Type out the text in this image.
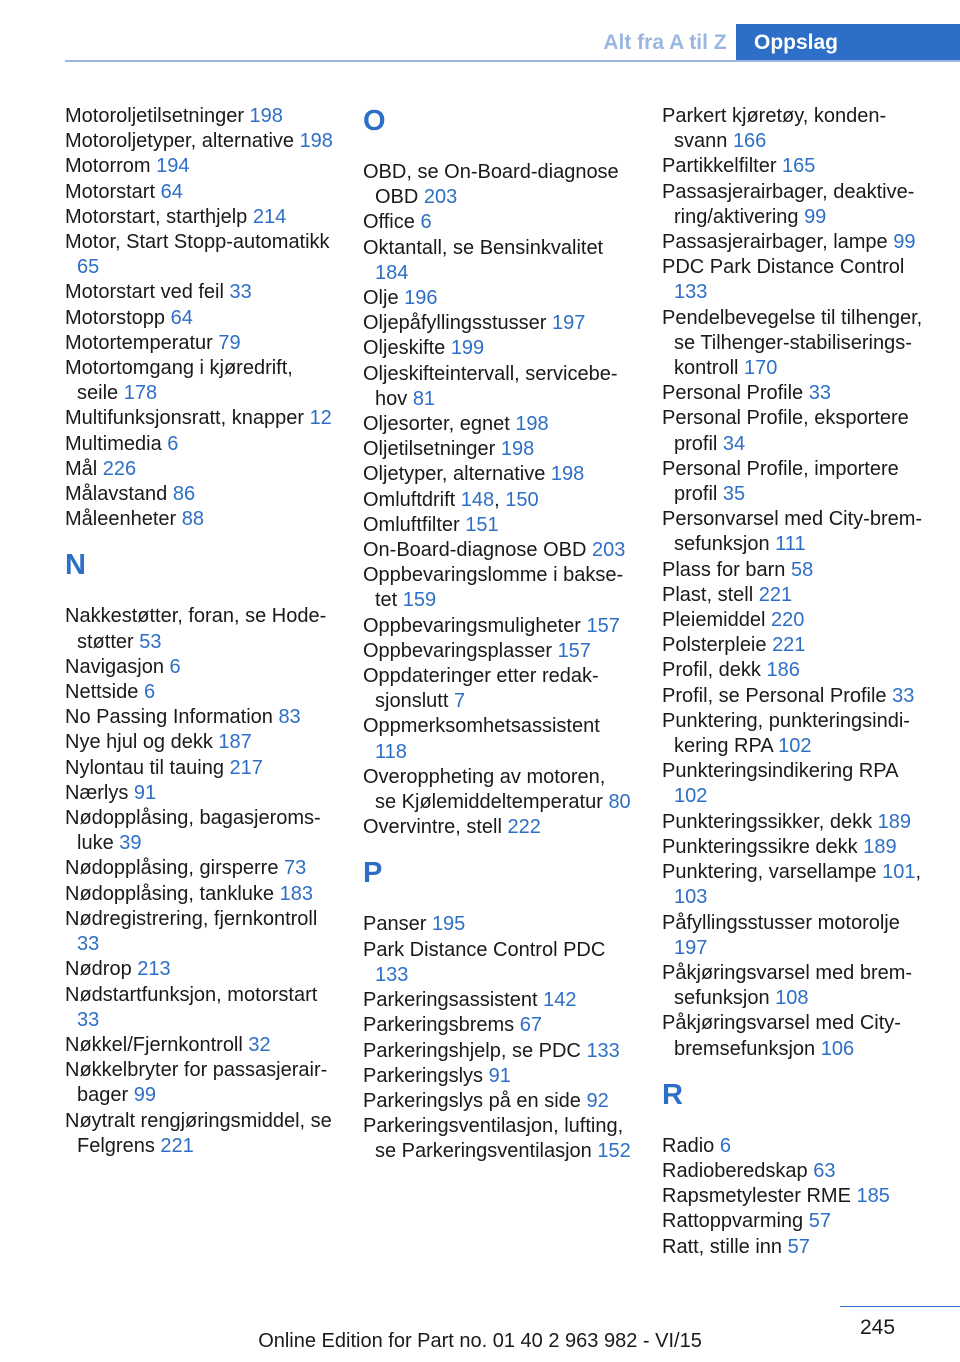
Alt fra A til Z	Oppslag
Motoroljetilsetninger 198
Motoroljetyper, alternative 198
Motorrom 194
Motorstart 64
Motorstart, starthjelp 214
Motor, Start Stopp-automatikk 65
Motorstart ved feil 33
Motorstopp 64
Motortemperatur 79
Motortomgang i kjøredrift, seile 178
Multifunksjonsratt, knapper 12
Multimedia 6
Mål 226
Målavstand 86
Måleenheter 88
N
Nakkestøtter, foran, se Hodestøtter 53
Navigasjon 6
Nettside 6
No Passing Information 83
Nye hjul og dekk 187
Nylontau til tauing 217
Nærlys 91
Nødopplåsing, bagasjeromsluke 39
Nødopplåsing, girsperre 73
Nødopplåsing, tankluke 183
Nødregistrering, fjernkontroll 33
Nødrop 213
Nødstartfunksjon, motorstart 33
Nøkkel/Fjernkontroll 32
Nøkkelbryter for passasjerairbager 99
Nøytralt rengjøringsmiddel, se Felgrens 221
O
OBD, se On-Board-diagnose OBD 203
Office 6
Oktantall, se Bensinkvalitet 184
Olje 196
Oljepåfyllingsstusser 197
Oljeskifte 199
Oljeskifteintervall, servicebehov 81
Oljesorter, egnet 198
Oljetilsetninger 198
Oljetyper, alternative 198
Omluftdrift 148, 150
Omluftfilter 151
On-Board-diagnose OBD 203
Oppbevaringslomme i baksetet 159
Oppbevaringsmuligheter 157
Oppbevaringsplasser 157
Oppdateringer etter redaksjonslutt 7
Oppmerksomhetsassistent 118
Overoppheting av motoren, se Kjølemiddeltemperatur 80
Overvintre, stell 222
P
Panser 195
Park Distance Control PDC 133
Parkeringsassistent 142
Parkeringsbrems 67
Parkeringshjelp, se PDC 133
Parkeringslys 91
Parkeringslys på en side 92
Parkeringsventilasjon, lufting, se Parkeringsventilasjon 152
Parkert kjøretøy, kondensvann 166
Partikkelfilter 165
Passasjerairbager, deaktivering/aktivering 99
Passasjerairbager, lampe 99
PDC Park Distance Control 133
Pendelbevegelse til tilhenger, se Tilhenger-stabiliseringskontroll 170
Personal Profile 33
Personal Profile, eksportere profil 34
Personal Profile, importere profil 35
Personvarsel med City-bremsefunksjon 111
Plass for barn 58
Plast, stell 221
Pleiemiddel 220
Polsterpleie 221
Profil, dekk 186
Profil, se Personal Profile 33
Punktering, punkteringsindikering RPA 102
Punkteringsindikering RPA 102
Punkteringssikker, dekk 189
Punkteringssikre dekk 189
Punktering, varsellampe 101, 103
Påfyllingsstusser motorolje 197
Påkjøringsvarsel med bremsefunksjon 108
Påkjøringsvarsel med City-bremsefunksjon 106
R
Radio 6
Radioberedskap 63
Rapsmetylester RME 185
Rattoppvarming 57
Ratt, stille inn 57
245
Online Edition for Part no. 01 40 2 963 982 - VI/15
